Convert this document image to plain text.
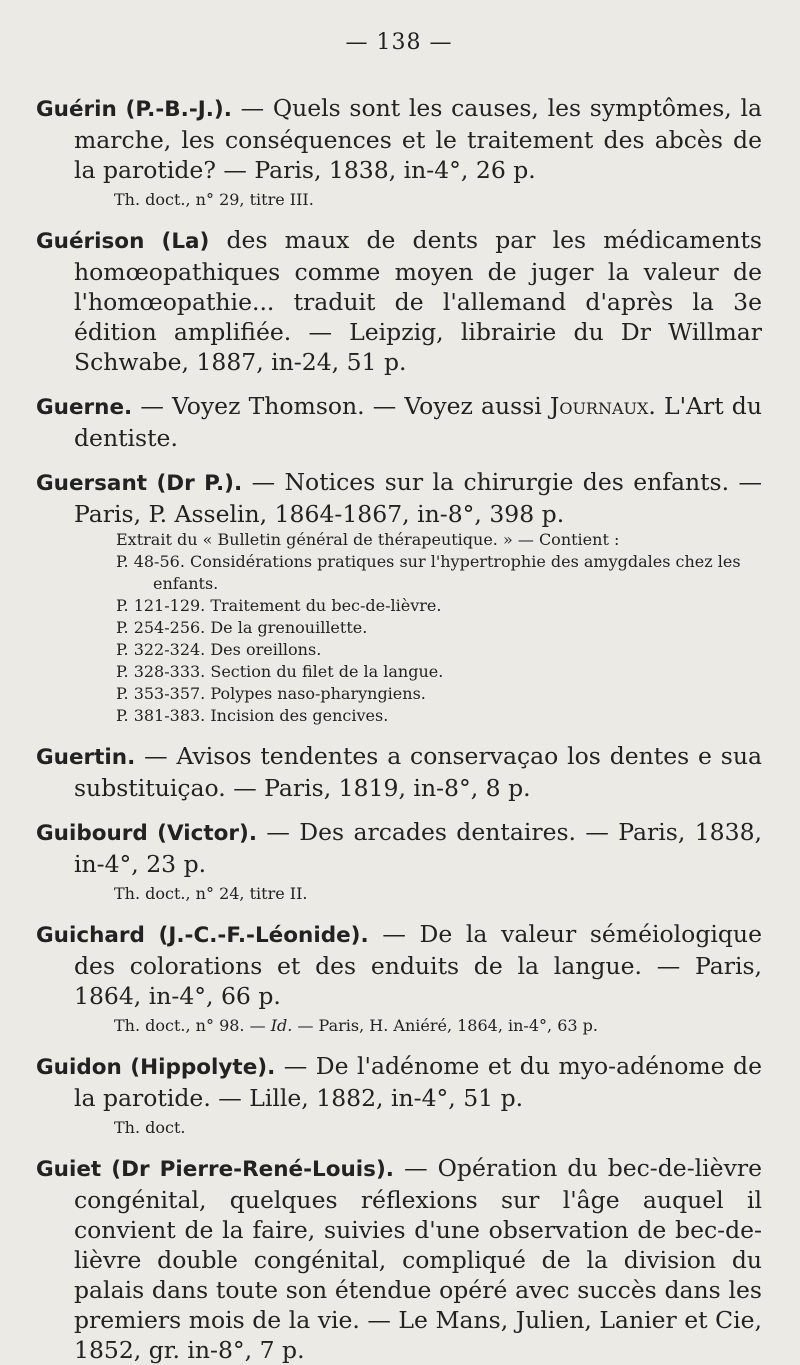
— 138 —

Guérin (P.-B.-J.). — Quels sont les causes, les symptômes, la marche, les conséquences et le traitement des abcès de la parotide? — Paris, 1838, in-4°, 26 p.

Th. doct., n° 29, titre III.

Guérison (La) des maux de dents par les médicaments homœopathiques comme moyen de juger la valeur de l'homœopathie... traduit de l'allemand d'après la 3e édition amplifiée. — Leipzig, librairie du Dr Willmar Schwabe, 1887, in-24, 51 p.

Guerne. — Voyez Thomson. — Voyez aussi Journaux. L'Art du dentiste.

Guersant (Dr P.). — Notices sur la chirurgie des enfants. — Paris, P. Asselin, 1864-1867, in-8°, 398 p.

Extrait du « Bulletin général de thérapeutique. » — Contient :
P. 48-56. Considérations pratiques sur l'hypertrophie des amygdales chez les enfants.
P. 121-129. Traitement du bec-de-lièvre.
P. 254-256. De la grenouillette.
P. 322-324. Des oreillons.
P. 328-333. Section du filet de la langue.
P. 353-357. Polypes naso-pharyngiens.
P. 381-383. Incision des gencives.

Guertin. — Avisos tendentes a conservaçao los dentes e sua substituiçao. — Paris, 1819, in-8°, 8 p.

Guibourd (Victor). — Des arcades dentaires. — Paris, 1838, in-4°, 23 p.

Th. doct., n° 24, titre II.

Guichard (J.-C.-F.-Léonide). — De la valeur séméiologique des colorations et des enduits de la langue. — Paris, 1864, in-4°, 66 p.

Th. doct., n° 98. — Id. — Paris, H. Aniéré, 1864, in-4°, 63 p.

Guidon (Hippolyte). — De l'adénome et du myo-adénome de la parotide. — Lille, 1882, in-4°, 51 p.

Th. doct.

Guiet (Dr Pierre-René-Louis). — Opération du bec-de-lièvre congénital, quelques réflexions sur l'âge auquel il convient de la faire, suivies d'une observation de bec-de-lièvre double congénital, compliqué de la division du palais dans toute son étendue opéré avec succès dans les premiers mois de la vie. — Le Mans, Julien, Lanier et Cie, 1852, gr. in-8°, 7 p.
